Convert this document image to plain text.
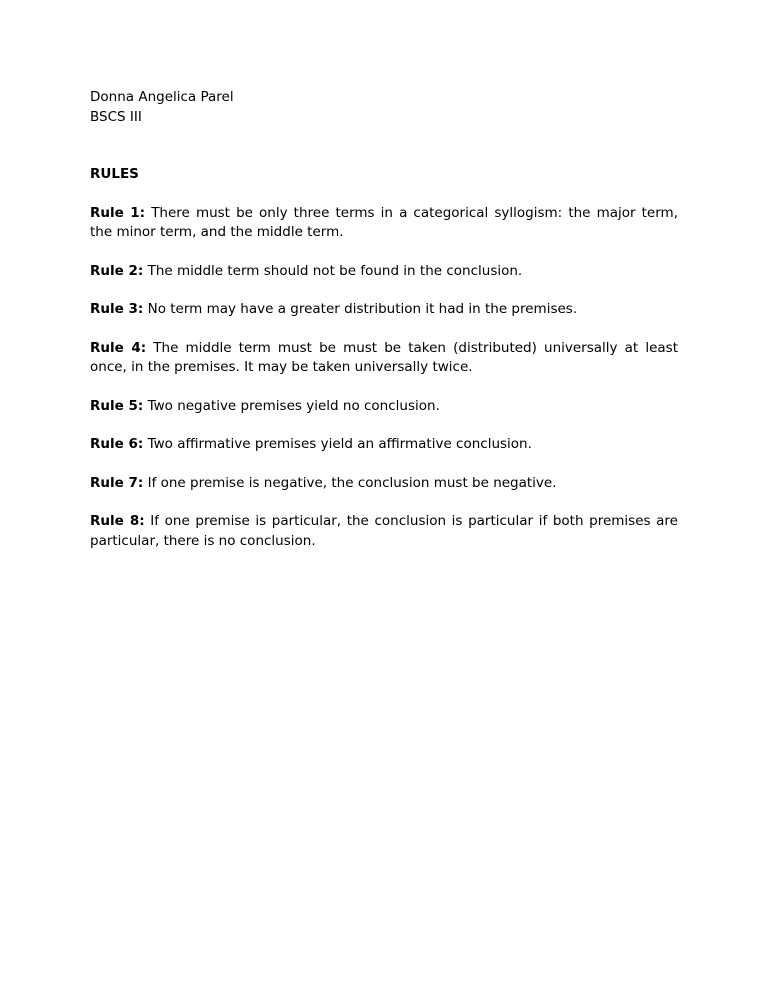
Donna Angelica Parel
BSCS III
RULES

Rule 1: There must be only three terms in a categorical syllogism: the major term, the minor term, and the middle term.

Rule 2: The middle term should not be found in the conclusion.

Rule 3: No term may have a greater distribution it had in the premises.

Rule 4: The middle term must be must be taken (distributed) universally at least once, in the premises. It may be taken universally twice.

Rule 5: Two negative premises yield no conclusion.

Rule 6: Two affirmative premises yield an affirmative conclusion.

Rule 7: If one premise is negative, the conclusion must be negative.

Rule 8: If one premise is particular, the conclusion is particular if both premises are particular, there is no conclusion.
